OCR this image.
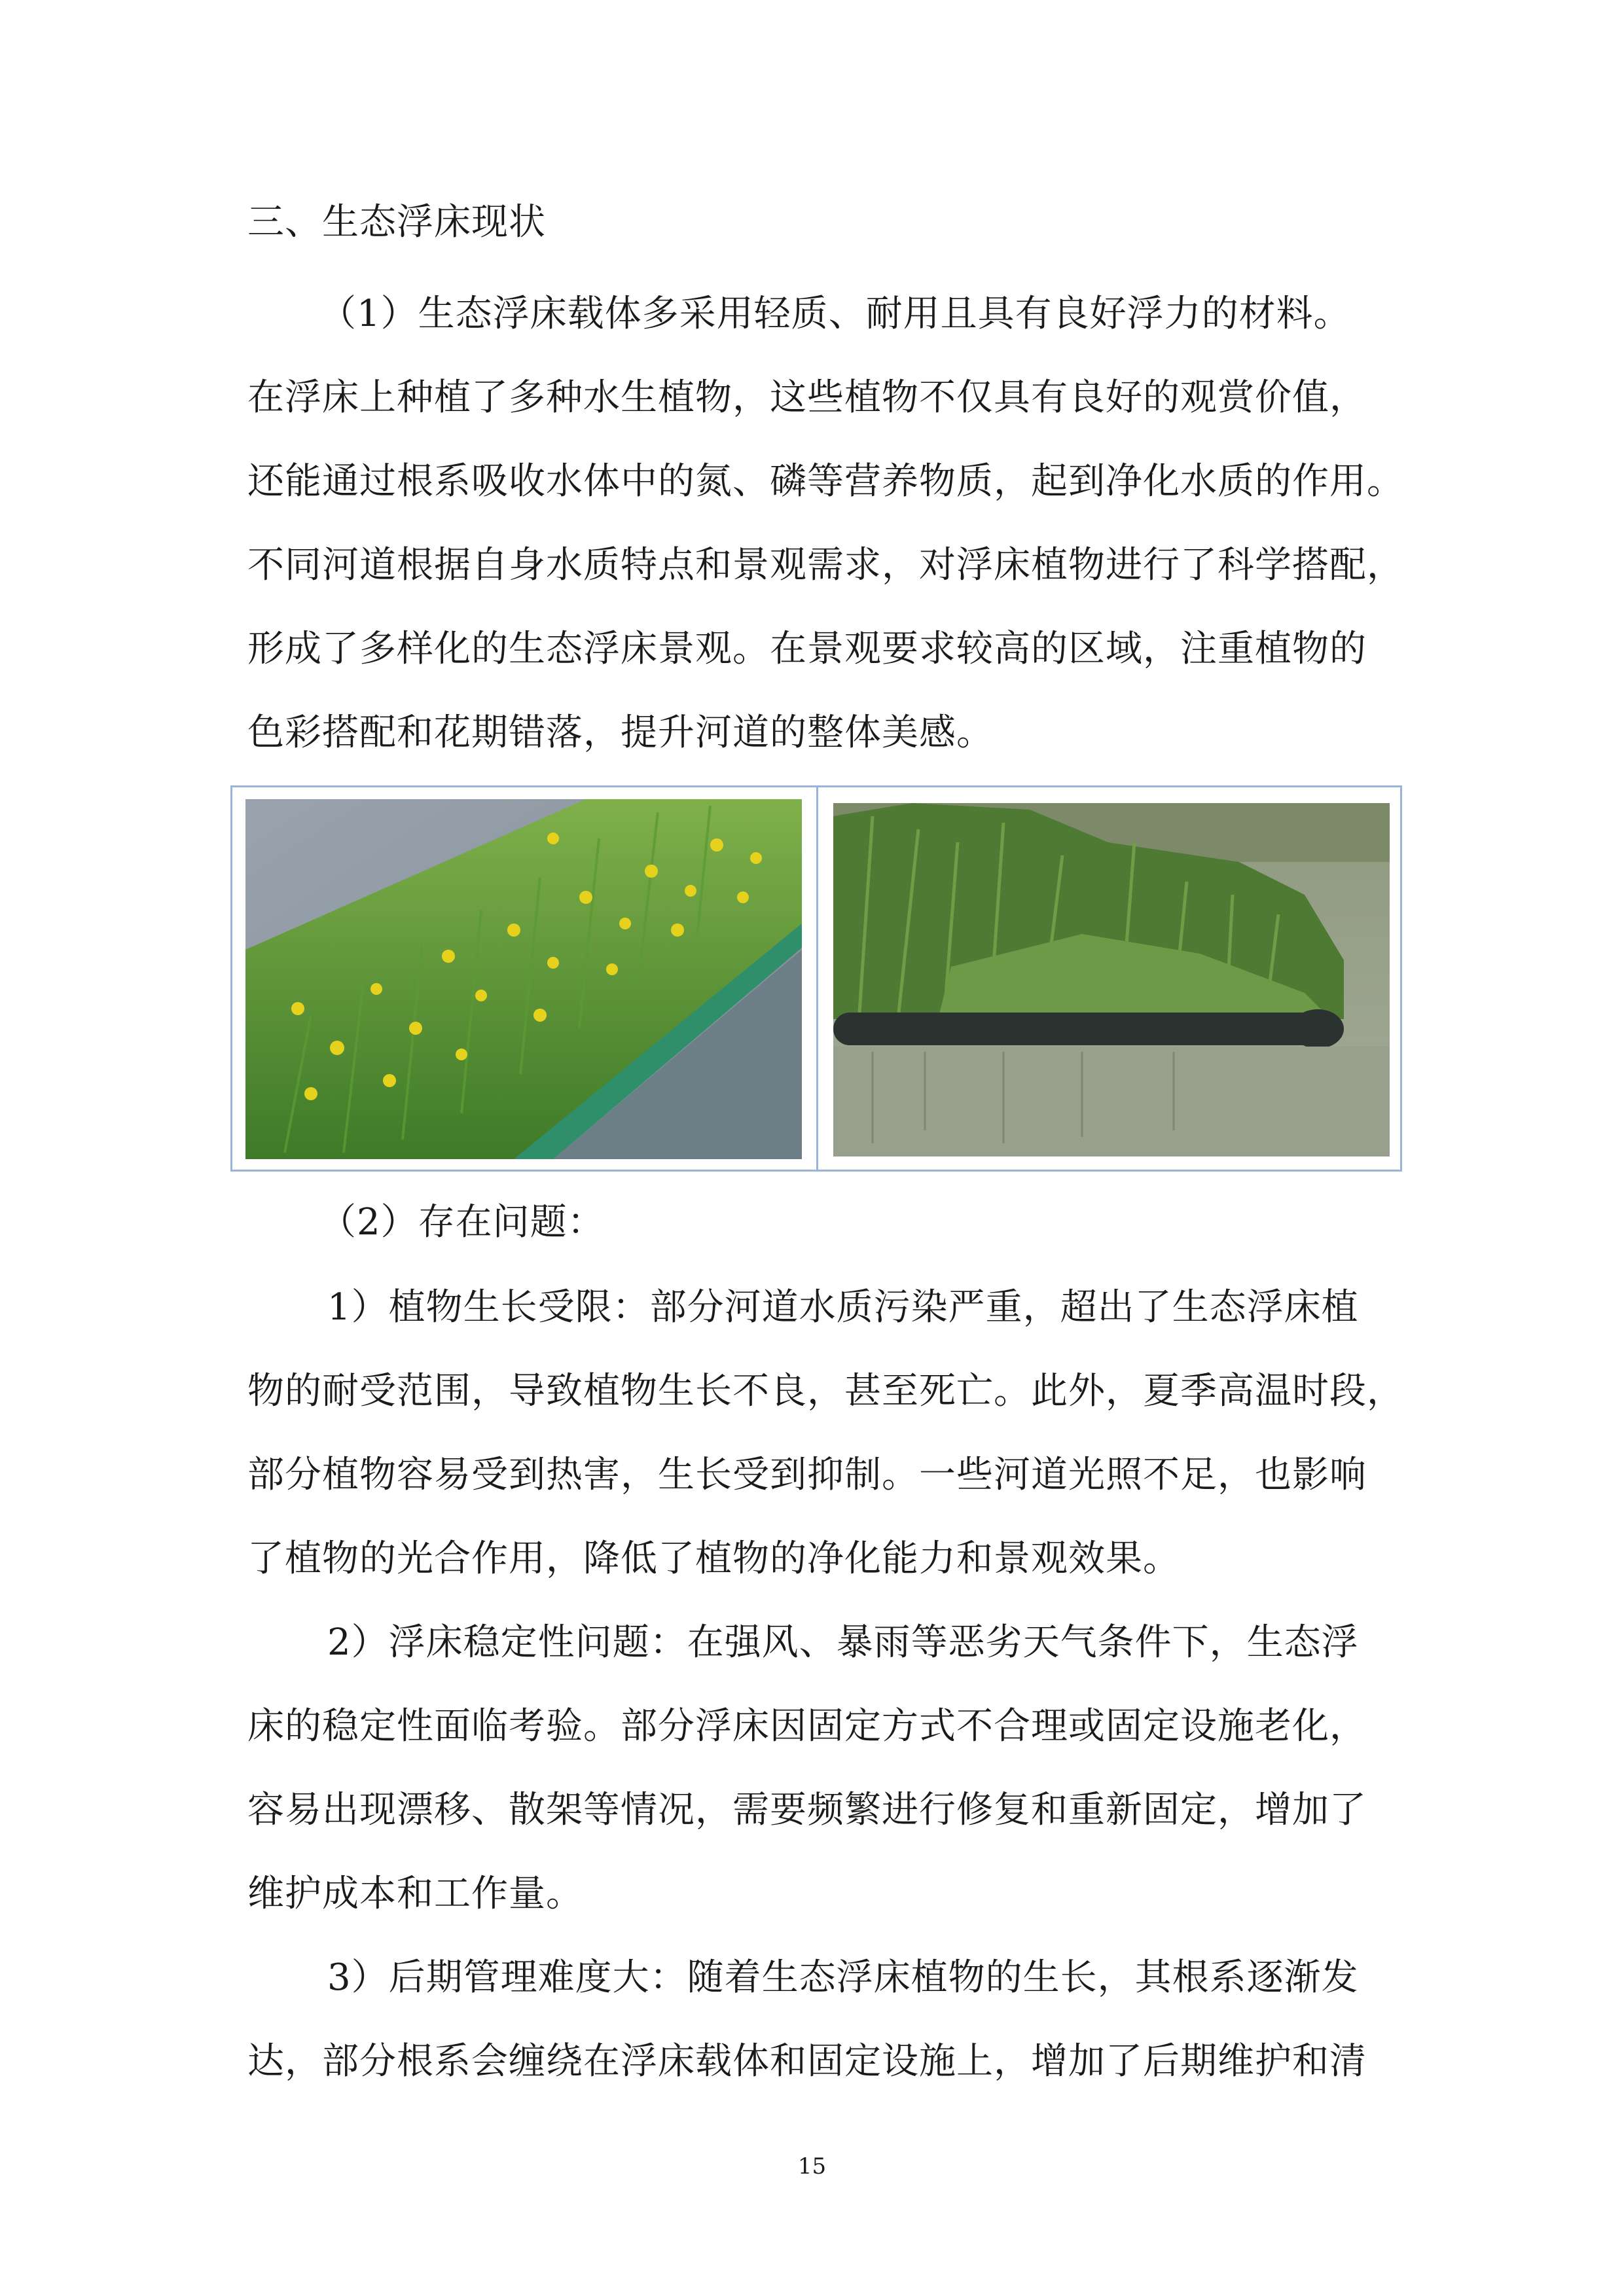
三、生态浮床现状
（1）生态浮床载体多采用轻质、耐用且具有良好浮力的材料。
在浮床上种植了多种水生植物，这些植物不仅具有良好的观赏价值，
还能通过根系吸收水体中的氮、磷等营养物质，起到净化水质的作用。
不同河道根据自身水质特点和景观需求，对浮床植物进行了科学搭配，
形成了多样化的生态浮床景观。在景观要求较高的区域，注重植物的
色彩搭配和花期错落，提升河道的整体美感。
（2）存在问题：
1）植物生长受限：部分河道水质污染严重，超出了生态浮床植
物的耐受范围，导致植物生长不良，甚至死亡。此外，夏季高温时段，
部分植物容易受到热害，生长受到抑制。一些河道光照不足，也影响
了植物的光合作用，降低了植物的净化能力和景观效果。
2）浮床稳定性问题：在强风、暴雨等恶劣天气条件下，生态浮
床的稳定性面临考验。部分浮床因固定方式不合理或固定设施老化，
容易出现漂移、散架等情况，需要频繁进行修复和重新固定，增加了
维护成本和工作量。
3）后期管理难度大：随着生态浮床植物的生长，其根系逐渐发
达，部分根系会缠绕在浮床载体和固定设施上，增加了后期维护和清
15
